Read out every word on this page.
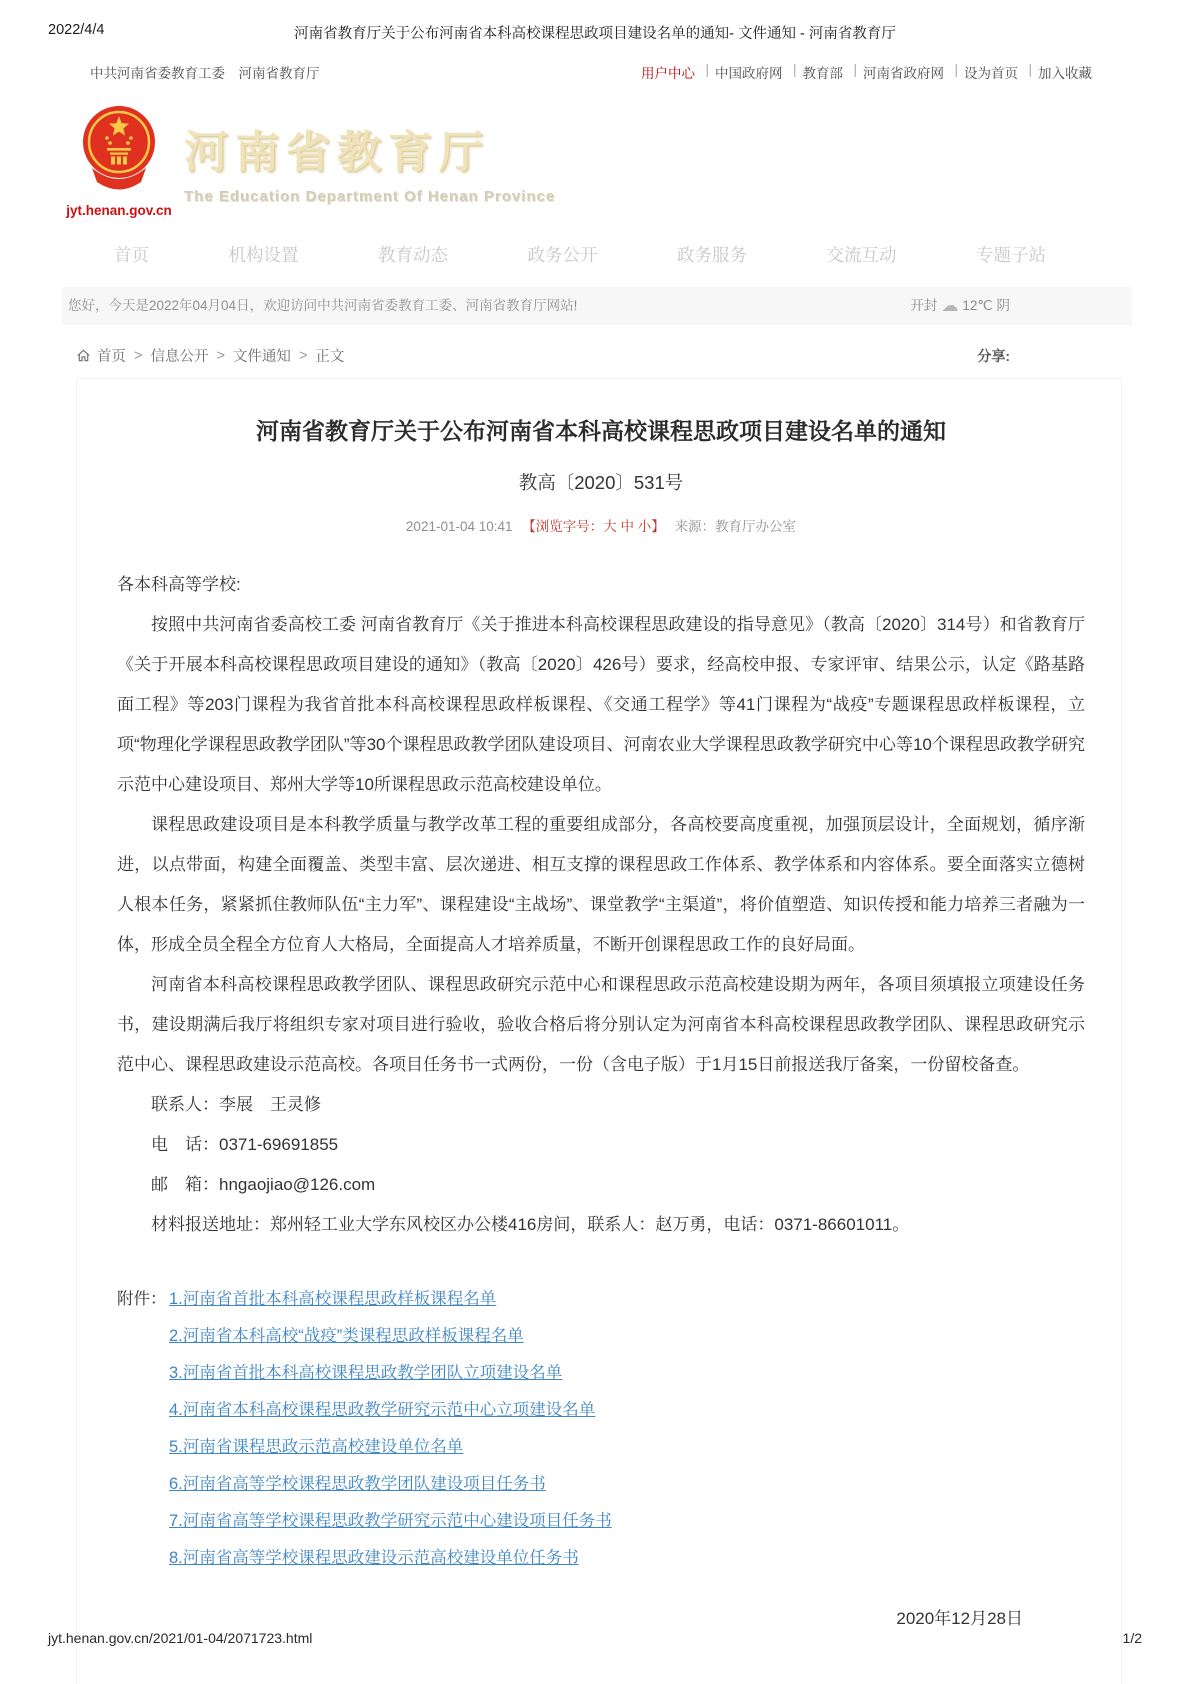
2022/4/4	河南省教育厅关于公布河南省本科高校课程思政项目建设名单的通知- 文件通知 - 河南省教育厅
中共河南省委教育工委　河南省教育厅	用户中心 |	中国政府网 |	教育部 |	河南省政府网 |	设为首页 |	加入收藏
jyt.henan.gov.cn
河南省教育厅
The Education Department Of Henan Province
首页	机构设置	教育动态	政务公开	政务服务	交流互动	专题子站
您好，今天是2022年04月04日，欢迎访问中共河南省委教育工委、河南省教育厅网站!	开封 ☁ 12℃ 阴
首页 > 信息公开 > 文件通知 > 正文	分享:
河南省教育厅关于公布河南省本科高校课程思政项目建设名单的通知
教高〔2020〕531号
2021-01-04 10:41 【浏览字号：大 中 小】 来源：教育厅办公室

各本科高等学校:

按照中共河南省委高校工委 河南省教育厅《关于推进本科高校课程思政建设的指导意见》（教高〔2020〕314号）和省教育厅《关于开展本科高校课程思政项目建设的通知》（教高〔2020〕426号）要求，经高校申报、专家评审、结果公示，认定《路基路面工程》等203门课程为我省首批本科高校课程思政样板课程、《交通工程学》等41门课程为“战疫”专题课程思政样板课程，立项“物理化学课程思政教学团队”等30个课程思政教学团队建设项目、河南农业大学课程思政教学研究中心等10个课程思政教学研究示范中心建设项目、郑州大学等10所课程思政示范高校建设单位。

课程思政建设项目是本科教学质量与教学改革工程的重要组成部分，各高校要高度重视，加强顶层设计，全面规划，循序渐进，以点带面，构建全面覆盖、类型丰富、层次递进、相互支撑的课程思政工作体系、教学体系和内容体系。要全面落实立德树人根本任务，紧紧抓住教师队伍“主力军”、课程建设“主战场”、课堂教学“主渠道”，将价值塑造、知识传授和能力培养三者融为一体，形成全员全程全方位育人大格局，全面提高人才培养质量，不断开创课程思政工作的良好局面。

河南省本科高校课程思政教学团队、课程思政研究示范中心和课程思政示范高校建设期为两年，各项目须填报立项建设任务书，建设期满后我厅将组织专家对项目进行验收，验收合格后将分别认定为河南省本科高校课程思政教学团队、课程思政研究示范中心、课程思政建设示范高校。各项目任务书一式两份，一份（含电子版）于1月15日前报送我厅备案，一份留校备查。

联系人：李展　王灵修

电　话：0371-69691855

邮　箱：hngaojiao@126.com

材料报送地址：郑州轻工业大学东风校区办公楼416房间，联系人：赵万勇，电话：0371-86601011。

附件： 1.河南省首批本科高校课程思政样板课程名单
2.河南省本科高校“战疫”类课程思政样板课程名单
3.河南省首批本科高校课程思政教学团队立项建设名单
4.河南省本科高校课程思政教学研究示范中心立项建设名单
5.河南省课程思政示范高校建设单位名单
6.河南省高等学校课程思政教学团队建设项目任务书
7.河南省高等学校课程思政教学研究示范中心建设项目任务书
8.河南省高等学校课程思政建设示范高校建设单位任务书
2020年12月28日
jyt.henan.gov.cn/2021/01-04/2071723.html	1/2
